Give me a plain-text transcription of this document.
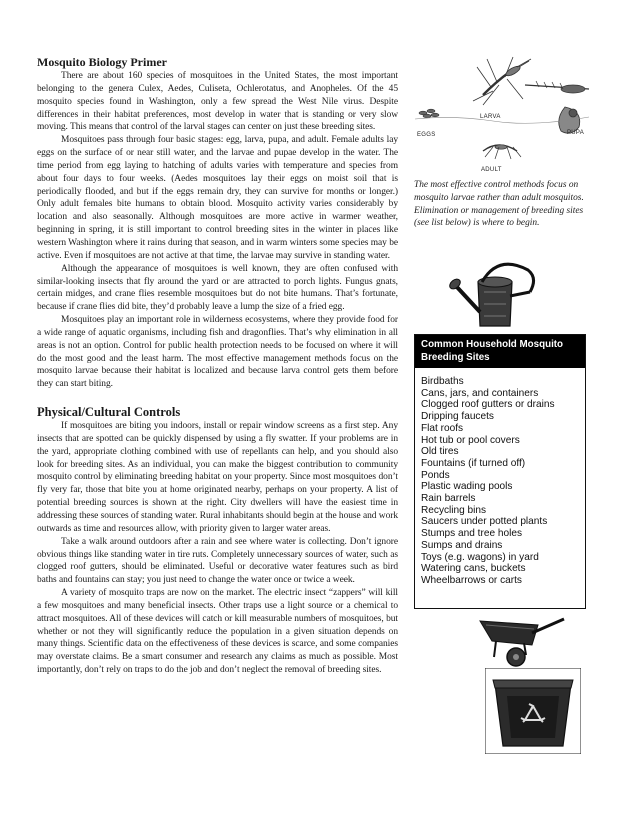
Mosquito Biology Primer

There are about 160 species of mosquitoes in the United States, the most important belonging to the genera Culex, Aedes, Culiseta, Ochlerotatus, and Anopheles. Of the 45 mosquito species found in Washington, only a few spread the West Nile virus. Despite differences in their habitat preferences, most develop in water that is standing or very slow moving. This means that control of the larval stages can center on just these breeding sites.

Mosquitoes pass through four basic stages: egg, larva, pupa, and adult. Female adults lay eggs on the surface of or near still water, and the larvae and pupae develop in the water. The time period from egg laying to hatching of adults varies with temperature and species from about four days to four weeks. (Aedes mosquitoes lay their eggs on moist soil that is periodically flooded, and but if the eggs remain dry, they can survive for months or longer.) Only adult females bite humans to obtain blood. Mosquito activity varies considerably by location and also seasonally. Although mosquitoes are more active in warmer weather, beginning in spring, it is still important to control breeding sites in the winter in places like western Washington where it rains during that season, and in warm winters some species may be active. Even if mosquitoes are not active at that time, the larvae may survive in standing water.

Although the appearance of mosquitoes is well known, they are often confused with similar-looking insects that fly around the yard or are attracted to porch lights. Fungus gnats, certain midges, and crane flies resemble mosquitoes but do not bite humans. That’s fortunate, because if crane flies did bite, they’d probably leave a lump the size of a fried egg.

Mosquitoes play an important role in wilderness ecosystems, where they provide food for a wide range of aquatic organisms, including fish and dragonflies. That’s why elimination in all areas is not an option. Control for public health protection needs to be focused on where it will do the most good and the least harm. The most effective management methods focus on the mosquito larvae because their habitat is localized and because larva control gets them before they can start biting.

Physical/Cultural Controls

If mosquitoes are biting you indoors, install or repair window screens as a first step. Any insects that are spotted can be quickly dispensed by using a fly swatter. If your problems are in the yard, appropriate clothing combined with use of repellants can help, and you should also look for breeding sites. As an individual, you can make the biggest contribution to community mosquito control by eliminating breeding habitat on your property. Since most mosquitoes don’t fly very far, those that bite you at home originated nearby, perhaps on your property. A list of potential breeding sources is shown at the right. City dwellers will have the easiest time in addressing these sources of standing water. Rural inhabitants should begin at the house and work outwards as time and resources allow, with priority given to larger water areas.

Take a walk around outdoors after a rain and see where water is collecting. Don’t ignore obvious things like standing water in tire ruts. Completely unnecessary sources of water, such as clogged roof gutters, should be eliminated. Useful or decorative water features such as bird baths and fountains can stay; you just need to change the water once or twice a week.

A variety of mosquito traps are now on the market. The electric insect “zappers” will kill a few mosquitoes and many beneficial insects. Other traps use a light source or a chemical to attract mosquitoes. All of these devices will catch or kill measurable numbers of mosquitoes, but whether or not they will significantly reduce the population in a given situation depends on many things. Scientific data on the effectiveness of these devices is scarce, and some companies may overstate claims. Be a smart consumer and research any claims as much as possible. Most importantly, don’t rely on traps to do the job and don’t neglect the removal of breeding sites.

LARVA
EGGS	PUPA
ADULT
The most effective control methods focus on mosquito larvae rather than adult mosquitos. Elimination or management of breeding sites (see list below) is where to begin.
Common Household Mosquito Breeding Sites
Birdbaths
Cans, jars, and containers
Clogged roof gutters or drains
Dripping faucets
Flat roofs
Hot tub or pool covers
Old tires
Fountains (if turned off)
Ponds
Plastic wading pools
Rain barrels
Recycling bins
Saucers under potted plants
Stumps and tree holes
Sumps and drains
Toys (e.g. wagons) in yard
Watering cans, buckets
Wheelbarrows or carts
